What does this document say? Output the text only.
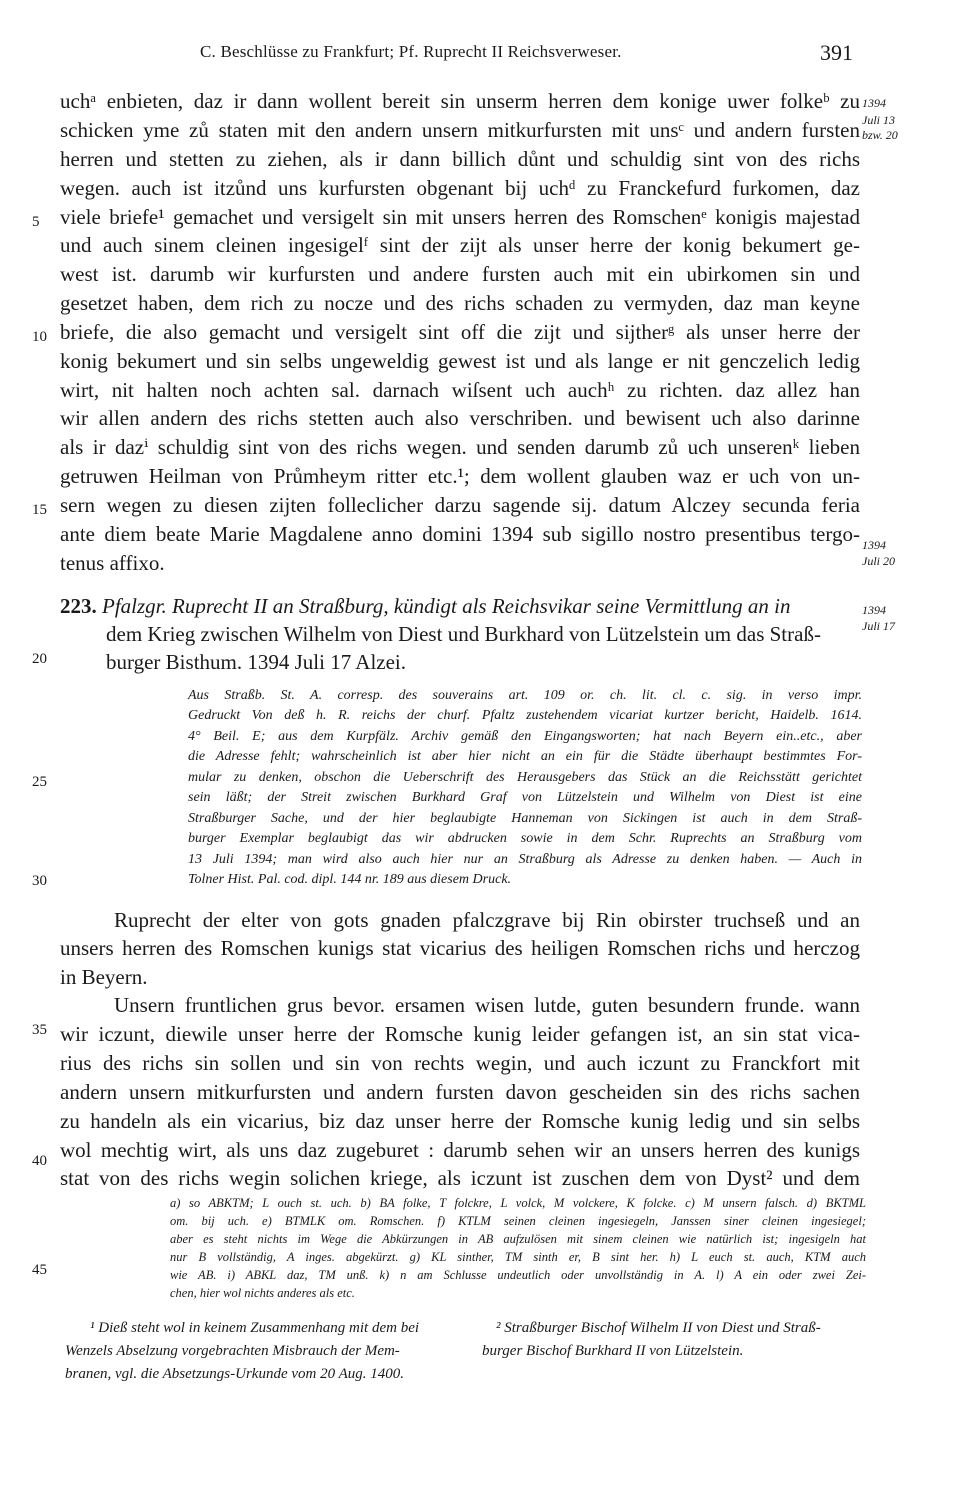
C. Beschlüsse zu Frankfurt; Pf. Ruprecht II Reichsverweser.	391
uchᵃ enbieten, daz ir dann wollent bereit sin unserm herren dem konige uwer folkeᵇ zu
schicken yme zů staten mit den andern unsern mitkurfursten mit unsᶜ und andern fursten
herren und stetten zu ziehen, als ir dann billich důnt und schuldig sint von des richs
wegen. auch ist itzůnd uns kurfursten obgenant bij uchᵈ zu Franckefurd furkomen, daz
viele briefe¹ gemachet und versigelt sin mit unsers herren des Romschenᵉ konigis majestad
und auch sinem cleinen ingesigelᶠ sint der zijt als unser herre der konig bekumert ge-
west ist. darumb wir kurfursten und andere fursten auch mit ein ubirkomen sin und
gesetzet haben, dem rich zu nocze und des richs schaden zu vermyden, daz man keyne
briefe, die also gemacht und versigelt sint off die zijt und sijtherᵍ als unser herre der
konig bekumert und sin selbs ungeweldig gewest ist und als lange er nit genczelich ledig
wirt, nit halten noch achten sal. darnach wiſsent uch auchʰ zu richten. daz allez han
wir allen andern des richs stetten auch also verschriben. und bewisent uch also darinne
als ir dazⁱ schuldig sint von des richs wegen. und senden darumb zů uch unserenᵏ lieben
getruwen Heilman von Průmheym ritter etc.¹; dem wollent glauben waz er uch von un-
sern wegen zu diesen zijten folleclicher darzu sagende sij. datum Alczey secunda feria
ante diem beate Marie Magdalene anno domini 1394 sub sigillo nostro presentibus tergo-
tenus affixo.
1394
Juli 13
bzw. 20
1394
Juli 20
1394
Juli 17
5
10
15
20
25
30
35
40
45
223. Pfalzgr. Ruprecht II an Straßburg, kündigt als Reichsvikar seine Vermittlung an in
dem Krieg zwischen Wilhelm von Diest und Burkhard von Lützelstein um das Straß-
burger Bisthum. 1394 Juli 17 Alzei.
Aus Straßb. St. A. corresp. des souverains art. 109 or. ch. lit. cl. c. sig. in verso impr.
Gedruckt Von deß h. R. reichs der churf. Pfaltz zustehendem vicariat kurtzer bericht, Haidelb. 1614.
4° Beil. E; aus dem Kurpfälz. Archiv gemäß den Eingangsworten; hat nach Beyern ein..etc., aber
die Adresse fehlt; wahrscheinlich ist aber hier nicht an ein für die Städte überhaupt bestimmtes For-
mular zu denken, obschon die Ueberschrift des Herausgebers das Stück an die Reichsstätt gerichtet
sein läßt; der Streit zwischen Burkhard Graf von Lützelstein und Wilhelm von Diest ist eine
Straßburger Sache, und der hier beglaubigte Hanneman von Sickingen ist auch in dem Straß-
burger Exemplar beglaubigt das wir abdrucken sowie in dem Schr. Ruprechts an Straßburg vom
13 Juli 1394; man wird also auch hier nur an Straßburg als Adresse zu denken haben. — Auch in
Tolner Hist. Pal. cod. dipl. 144 nr. 189 aus diesem Druck.
Ruprecht der elter von gots gnaden pfalczgrave bij Rin obirster truchseß und an
unsers herren des Romschen kunigs stat vicarius des heiligen Romschen richs und herczog
in Beyern.
Unsern fruntlichen grus bevor. ersamen wisen lutde, guten besundern frunde. wann
wir iczunt, diewile unser herre der Romsche kunig leider gefangen ist, an sin stat vica-
rius des richs sin sollen und sin von rechts wegin, und auch iczunt zu Franckfort mit
andern unsern mitkurfursten und andern fursten davon gescheiden sin des richs sachen
zu handeln als ein vicarius, biz daz unser herre der Romsche kunig ledig und sin selbs
wol mechtig wirt, als uns daz zugeburet : darumb sehen wir an unsers herren des kunigs
stat von des richs wegin solichen kriege, als iczunt ist zuschen dem von Dyst² und dem
a) so ABKTM; L ouch st. uch. b) BA folke, T folckre, L volck, M volckere, K folcke. c) M unsern falsch. d) BKTML
om. bij uch. e) BTMLK om. Romschen. f) KTLM seinen cleinen ingesiegeln, Janssen siner cleinen ingesiegel;
aber es steht nichts im Wege die Abkürzungen in AB aufzulösen mit sinem cleinen wie natürlich ist; ingesigeln hat
nur B vollständig, A inges. abgekürzt. g) KL sinther, TM sinth er, B sint her. h) L euch st. auch, KTM auch
wie AB. i) ABKL daz, TM unß. k) n am Schlusse undeutlich oder unvollständig in A. l) A ein oder zwei Zei-
chen, hier wol nichts anderes als etc.
¹ Dieß steht wol in keinem Zusammenhang mit dem bei
Wenzels Abselzung vorgebrachten Misbrauch der Mem-
branen, vgl. die Absetzungs-Urkunde vom 20 Aug. 1400.
² Straßburger Bischof Wilhelm II von Diest und Straß-
burger Bischof Burkhard II von Lützelstein.
